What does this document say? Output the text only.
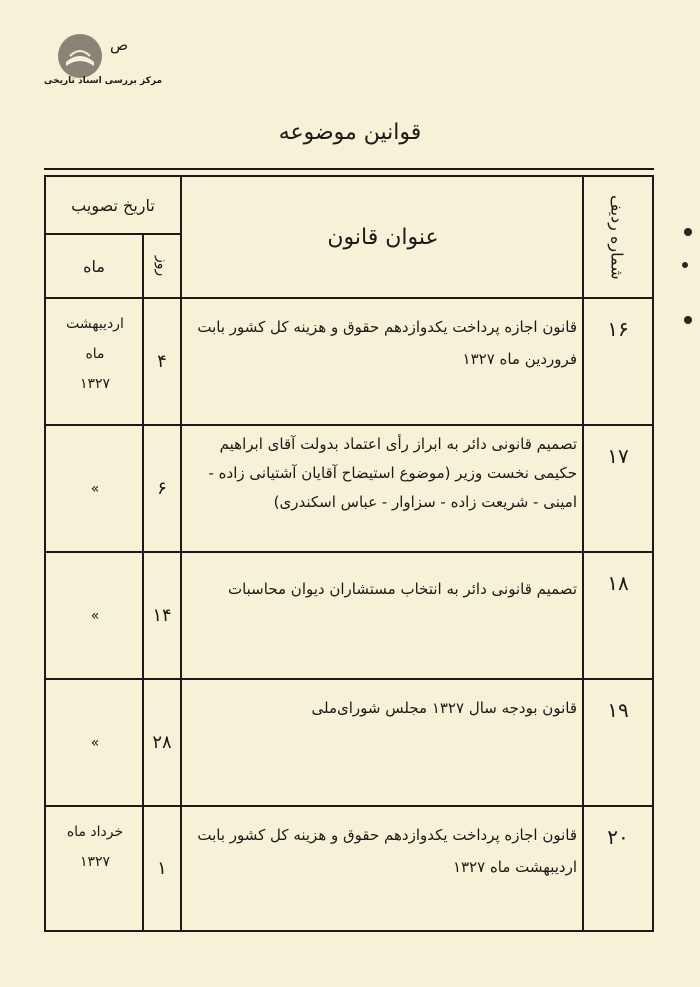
ص
مرکز بررسی اسناد تاریخی
قوانین موضوعه
شماره ردیف
عنوان قانون
تاریخ تصویب
روز
ماه
۱۶
قانون اجازه پرداخت یکدوازدهم حقوق و هزینه کل کشور بابت فروردین ماه ۱۳۲۷
۴
اردیبهشت
ماه
۱۳۲۷
۱۷
تصمیم قانونی دائر به ابراز رأی اعتماد بدولت آقای ابراهیم حکیمی نخست وزیر (موضوع استیضاح آقایان آشتیانی زاده - امینی - شریعت زاده - سزاوار - عباس اسکندری)
۶
»
۱۸
تصمیم قانونی دائر به انتخاب مستشاران دیوان محاسبات
۱۴
»
۱۹
قانون بودجه سال ۱۳۲۷ مجلس شورای‌ملی
۲۸
»
۲۰
قانون اجازه پرداخت یکدوازدهم حقوق و هزینه کل کشور بابت اردیبهشت ماه ۱۳۲۷
۱
خرداد ماه
۱۳۲۷
